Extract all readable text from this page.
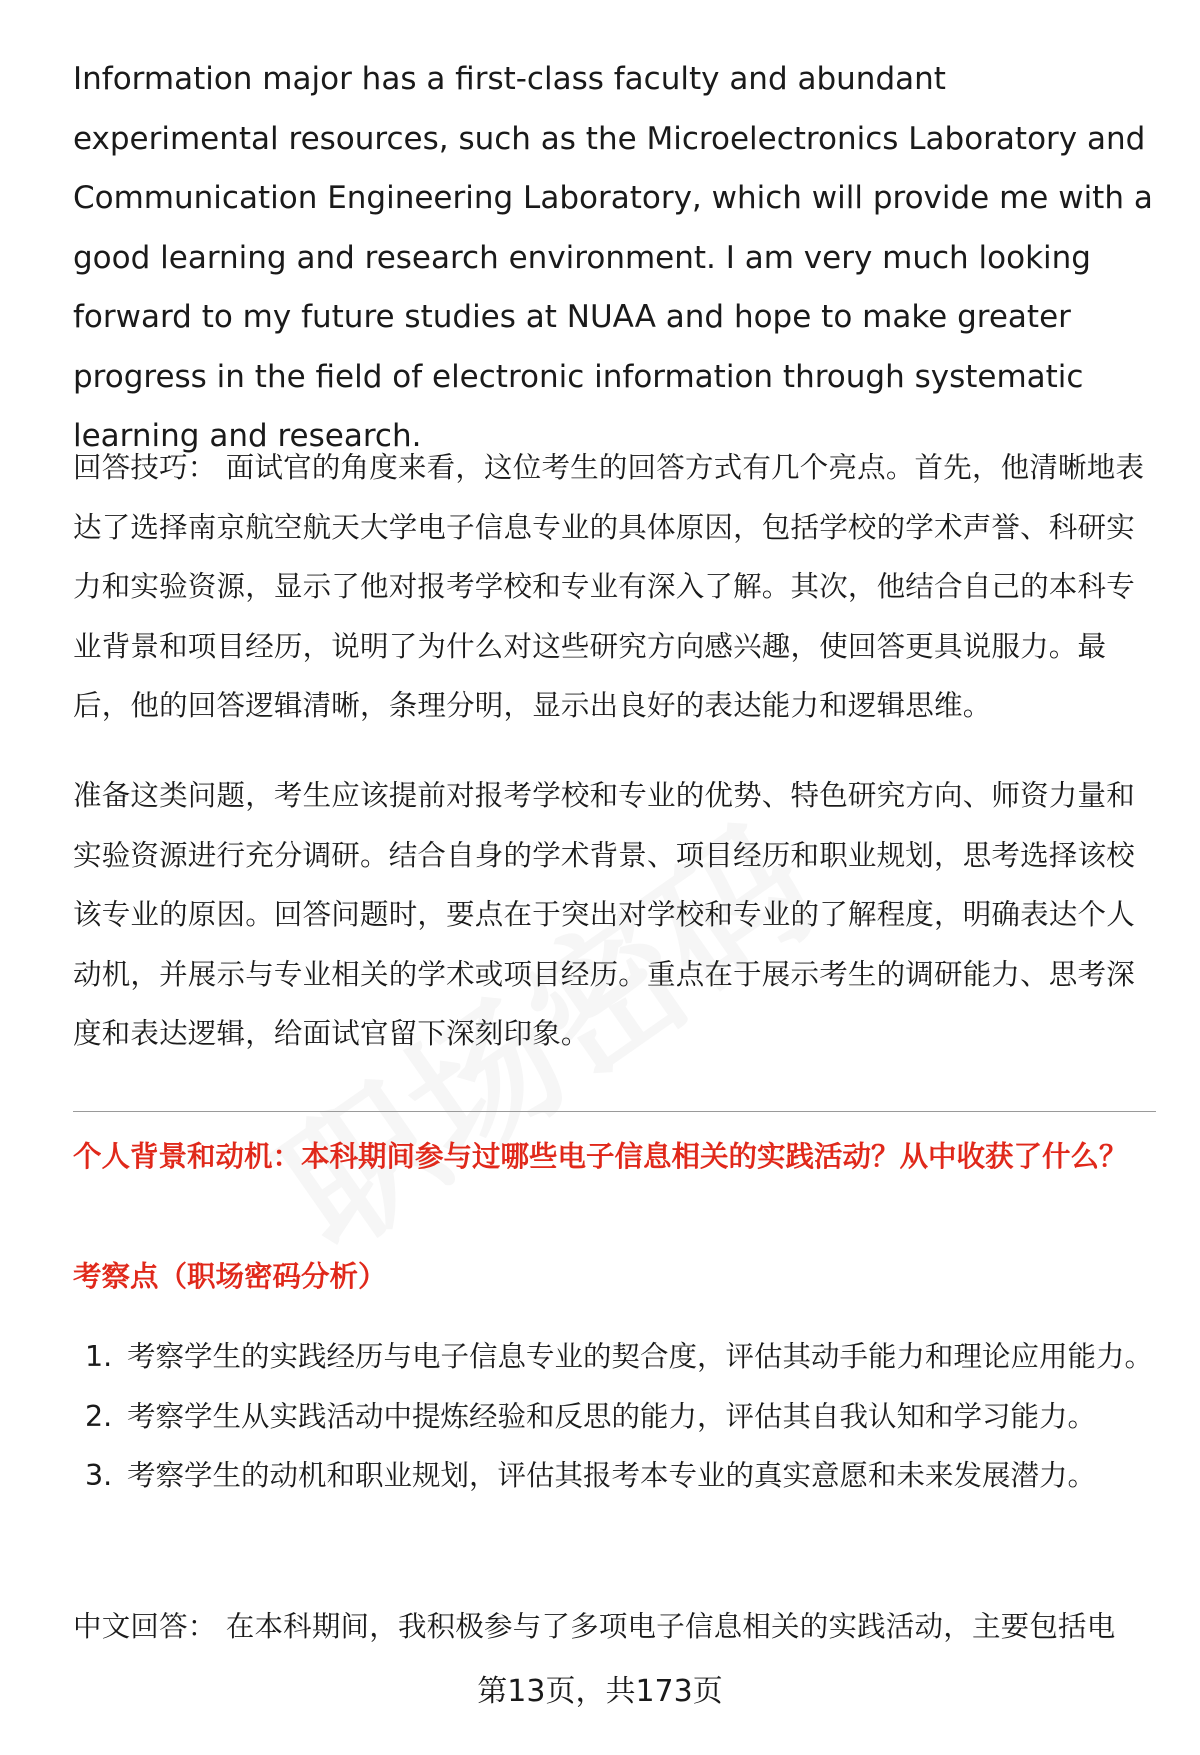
Information major has a first-class faculty and abundant experimental resources, such as the Microelectronics Laboratory and Communication Engineering Laboratory, which will provide me with a good learning and research environment. I am very much looking forward to my future studies at NUAA and hope to make greater progress in the field of electronic information through systematic learning and research.

回答技巧： 面试官的角度来看，这位考生的回答方式有几个亮点。首先，他清晰地表达了选择南京航空航天大学电子信息专业的具体原因，包括学校的学术声誉、科研实力和实验资源，显示了他对报考学校和专业有深入了解。其次，他结合自己的本科专业背景和项目经历，说明了为什么对这些研究方向感兴趣，使回答更具说服力。最后，他的回答逻辑清晰，条理分明，显示出良好的表达能力和逻辑思维。

准备这类问题，考生应该提前对报考学校和专业的优势、特色研究方向、师资力量和实验资源进行充分调研。结合自身的学术背景、项目经历和职业规划，思考选择该校该专业的原因。回答问题时，要点在于突出对学校和专业的了解程度，明确表达个人动机，并展示与专业相关的学术或项目经历。重点在于展示考生的调研能力、思考深度和表达逻辑，给面试官留下深刻印象。

个人背景和动机：本科期间参与过哪些电子信息相关的实践活动？从中收获了什么？

考察点（职场密码分析）

1. 考察学生的实践经历与电子信息专业的契合度，评估其动手能力和理论应用能力。
2. 考察学生从实践活动中提炼经验和反思的能力，评估其自我认知和学习能力。
3. 考察学生的动机和职业规划，评估其报考本专业的真实意愿和未来发展潜力。

中文回答： 在本科期间，我积极参与了多项电子信息相关的实践活动，主要包括电

第13页，共173页
